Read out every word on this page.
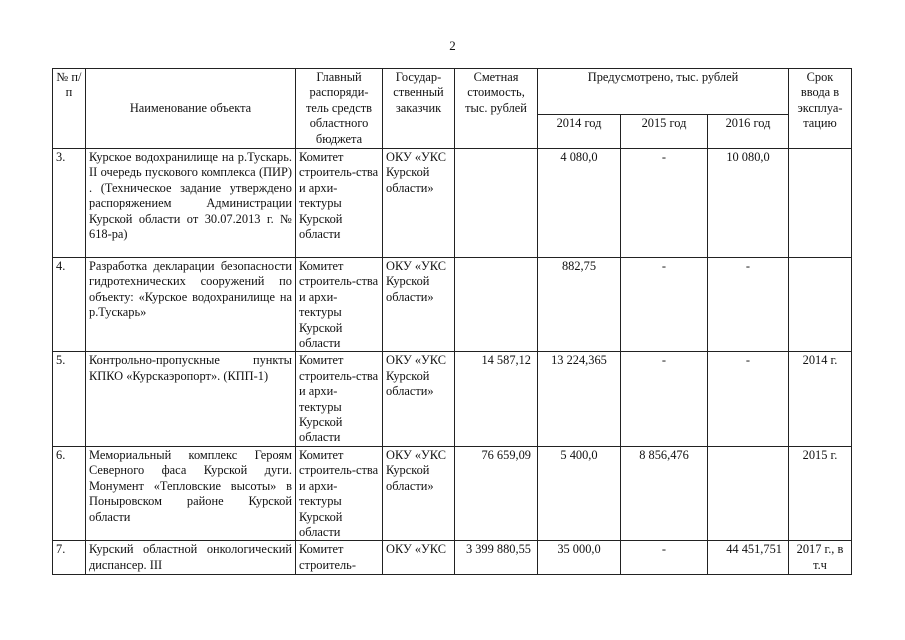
2
№ п/п	Наименование объекта	Главный распоряди-тель средств областного бюджета	Государ-ственный заказчик	Сметная стоимость, тыс. рублей	Предусмотрено, тыс. рублей			Срок ввода в эксплуа-тацию
					2014 год	2015 год	2016 год	
3.	Курское водохранилище на р.Тускарь. II очередь пускового комплекса (ПИР) . (Техническое задание утверждено распоряжением Администрации Курской области от 30.07.2013 г. № 618-ра)	Комитет строитель-ства и архи-тектуры Курской области	ОКУ «УКС Курской области»		4 080,0	-	10 080,0	
4.	Разработка декларации безопасности гидротехнических сооружений по объекту: «Курское водохранилище на р.Тускарь»	Комитет строитель-ства и архи-тектуры Курской области	ОКУ «УКС Курской области»		882,75	-	-	
5.	Контрольно-пропускные пункты КПКО «Курскаэропорт». (КПП-1)	Комитет строитель-ства и архи-тектуры Курской области	ОКУ «УКС Курской области»	14 587,12	13 224,365	-	-	2014 г.
6.	Мемориальный комплекс Героям Северного фаса Курской дуги. Монумент «Тепловские высоты» в Поныровском районе Курской области	Комитет строитель-ства и архи-тектуры Курской области	ОКУ «УКС Курской области»	76 659,09	5 400,0	8 856,476		2015 г.
7.	Курский областной онкологический диспансер. III	Комитет строитель-	ОКУ «УКС	3 399 880,55	35 000,0	-	44 451,751	2017 г., в т.ч
